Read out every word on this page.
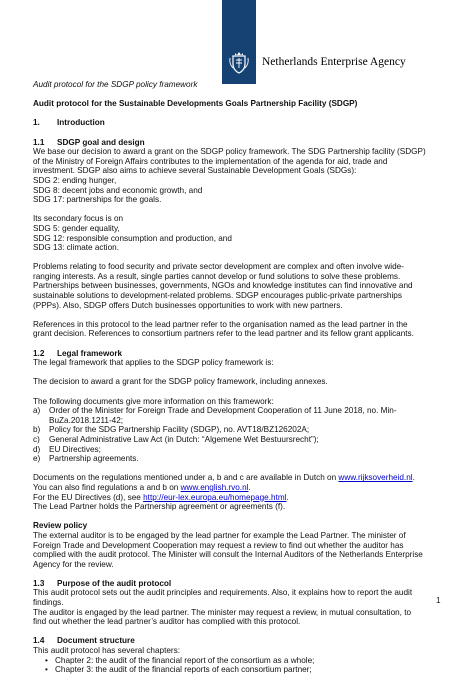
Netherlands Enterprise Agency

Audit protocol for the SDGP policy framework

Audit protocol for the Sustainable Developments Goals Partnership Facility (SDGP)

1.	Introduction

1.1	SDGP goal and design

We base our decision to award a grant on the SDGP policy framework. The SDG Partnership facility (SDGP)

of the Ministry of Foreign Affairs contributes to the implementation of the agenda for aid, trade and

investment. SDGP also aims to achieve several Sustainable Development Goals (SDGs):

SDG 2: ending hunger,

SDG 8: decent jobs and economic growth, and

SDG 17: partnerships for the goals.

Its secondary focus is on

SDG 5: gender equality,

SDG 12: responsible consumption and production, and

SDG 13: climate action.

Problems relating to food security and private sector development are complex and often involve wide-

ranging interests. As a result, single parties cannot develop or fund solutions to solve these problems.

Partnerships between businesses, governments, NGOs and knowledge institutes can find innovative and

sustainable solutions to development-related problems. SDGP encourages public-private partnerships

(PPPs). Also, SDGP offers Dutch businesses opportunities to work with new partners.

References in this protocol to the lead partner refer to the organisation named as the lead partner in the

grant decision. References to consortium partners refer to the lead partner and its fellow grant applicants.

1.2	Legal framework

The legal framework that applies to the SDGP policy framework is:

The decision to award a grant for the SDGP policy framework, including annexes.

The following documents give more information on this framework:

a)	Order of the Minister for Foreign Trade and Development Cooperation of 11 June 2018, no. Min-

BuZa.2018.1211-42;

b)	Policy for the SDG Partnership Facility (SDGP), no. AVT18/BZ126202A;

c)	General Administrative Law Act (in Dutch: “Algemene Wet Bestuursrecht”);

d)	EU Directives;

e)	Partnership agreements.

Documents on the regulations mentioned under a, b and c are available in Dutch on www.rijksoverheid.nl.

You can also find regulations a and b on www.english.rvo.nl.

For the EU Directives (d), see http://eur-lex.europa.eu/homepage.html.

The Lead Partner holds the Partnership agreement or agreements (f).

Review policy

The external auditor is to be engaged by the lead partner for example the Lead Partner. The minister of

Foreign Trade and Development Cooperation may request a review to find out whether the auditor has

complied with the audit protocol. The Minister will consult the Internal Auditors of the Netherlands Enterprise

Agency for the review.

1.3	Purpose of the audit protocol

This audit protocol sets out the audit principles and requirements. Also, it explains how to report the audit

findings.

The auditor is engaged by the lead partner. The minister may request a review, in mutual consultation, to

find out whether the lead partner’s auditor has complied with this protocol.

1.4	Document structure

This audit protocol has several chapters:

• Chapter 2: the audit of the financial report of the consortium as a whole;

• Chapter 3: the audit of the financial reports of each consortium partner;

1
